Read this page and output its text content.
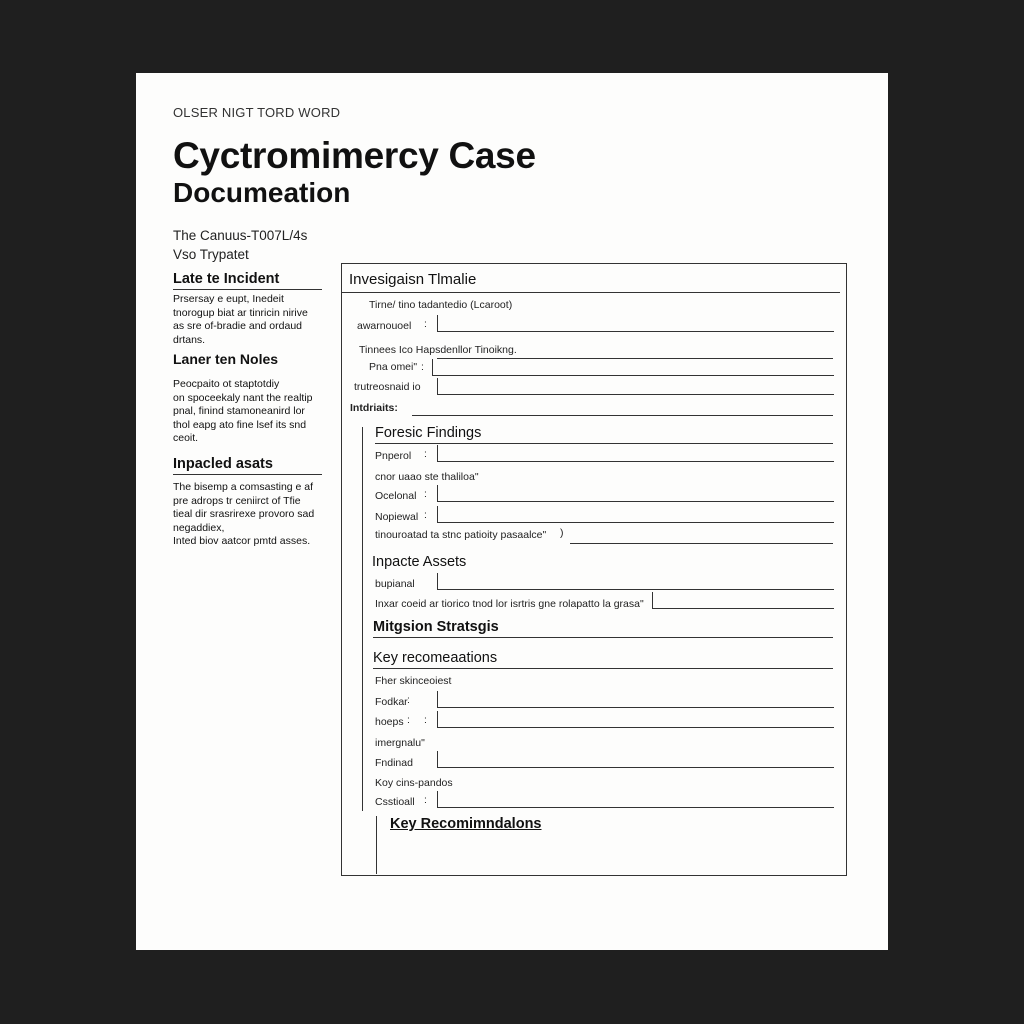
OLSER NIGT TORD WORD
Cyctromimercy Case
Documeation
The Canuus-T007L/4s
Vso Trypatet
Late te Incident
Prsersay e eupt, Inedeit
tnorogup biat ar tinricin nirive
as sre of-bradie and ordaud
drtans.
Laner ten Noles
Peocpaito ot staptotdiy
on spoceekaly nant the realtip
pnal, finind stamoneanird lor
thol eapg ato fine lsef its snd
ceoit.
Inpacled asats
The bisemp a comsasting e af
pre adrops tr ceniirct of Tfie
tieal dir srasrirexe provoro sad
negaddiex,
Inted biov aatcor pmtd asses.
Invesigaisn Tlmalie
Tirne/ tino tadantedio (Lcaroot)
awarnouoel :
Tinnees Ico Hapsdenllor Tinoikng.
Pna omei" :
trutreosnaid io
Intdriaits:
Foresic Findings
Pnperol :
cnor uaao ste thaliloa"
Ocelonal :
Nopiewal :
tinouroatad ta stnc patioity pasaalce" )
Inpacte Assets
bupianal
Inxar coeid ar tiorico tnod lor isrtris gne rolapatto la grasa"
Mitgsion Stratsgis
Key recomeaations
Fher skinceoiest
Fodkar :
hoeps : :
imergnalu"
Fndinad
Koy cins-pandos
Csstioall :
Key Recomimndalons
